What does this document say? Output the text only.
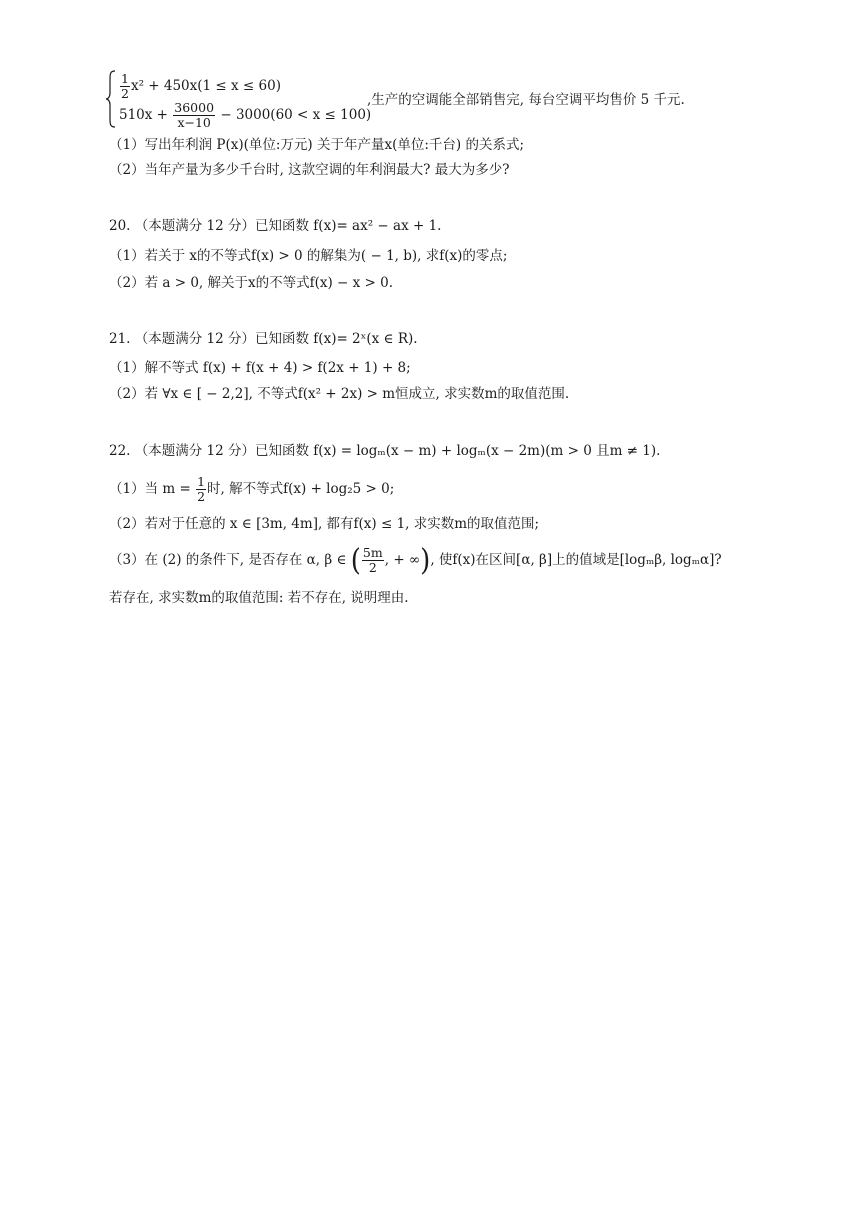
$\frac{1}{2} x^2 + 450x(1 \le x \le 60)$
$510x + \frac{36000}{x-10} - 3000(60 < x \le 100)$
,生产的空调能全部销售完, 每台空调平均售价 5 千元.
（1）写出年利润 P(x)(单位:万元) 关于年产量x(单位:千台) 的关系式;
（2）当年产量为多少千台时, 这款空调的年利润最大? 最大为多少?
20. （本题满分 12 分）已知函数 f(x)= ax² − ax + 1.
（1）若关于 x的不等式f(x) > 0 的解集为( − 1, b), 求f(x)的零点;
（2）若 a > 0, 解关于x的不等式f(x) − x > 0.
21. （本题满分 12 分）已知函数 f(x)= 2ˣ(x ∈ R).
（1）解不等式 f(x) + f(x + 4) > f(2x + 1) + 8;
（2）若 ∀x ∈ [ − 2,2], 不等式f(x² + 2x) > m恒成立, 求实数m的取值范围.
22. （本题满分 12 分）已知函数 f(x) = logₘ(x − m) + logₘ(x − 2m)(m > 0 且m ≠ 1).
（1）当 $m = \frac{1}{2}$ 时, 解不等式f(x) + log₂5 > 0;
（2）若对于任意的 x ∈ [3m, 4m], 都有f(x) ≤ 1, 求实数m的取值范围;
（3）在 (2) 的条件下, 是否存在 α, β ∈ ( $\frac{5m}{2}$ , + ∞), 使f(x)在区间[α, β]上的值域是[logₘβ, logₘα]?
若存在, 求实数m的取值范围: 若不存在, 说明理由.
